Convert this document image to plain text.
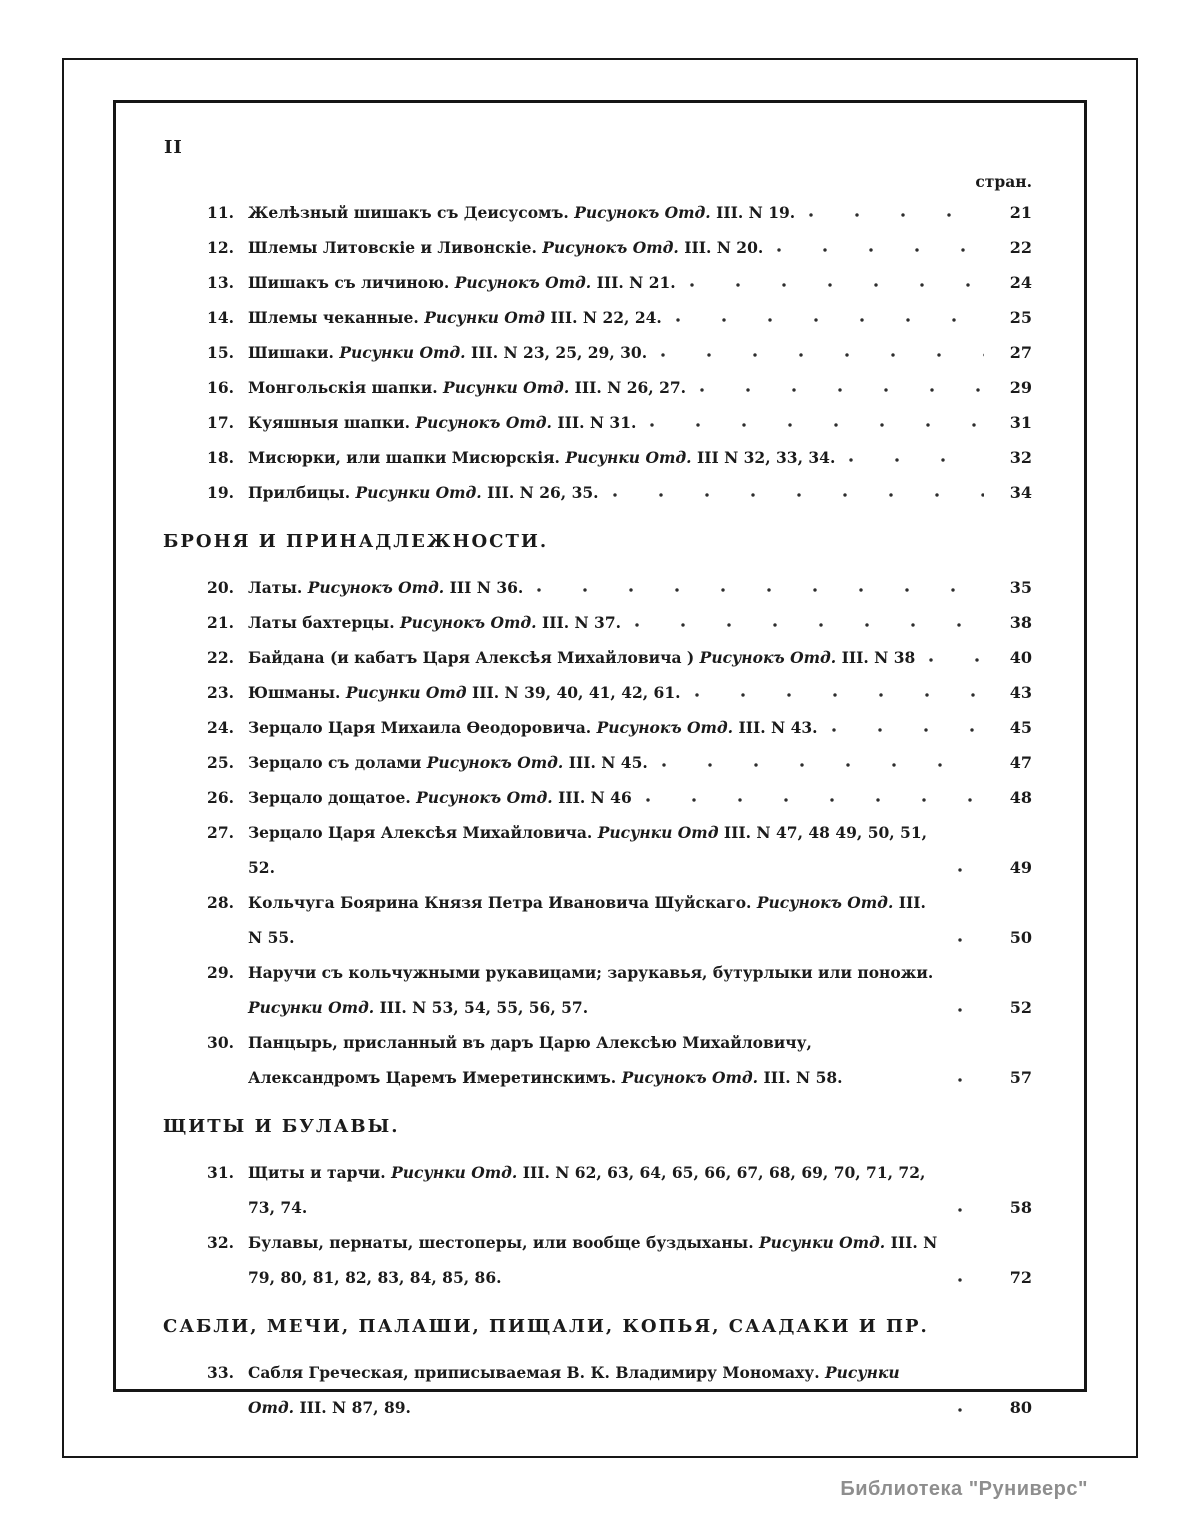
II
стран.
11. Желѣзный шишакъ съ Деисусомъ. Рисунокъ Отд. III. N 19.	21
12. Шлемы Литовскіе и Ливонскіе. Рисунокъ Отд. III. N 20.	22
13. Шишакъ съ личиною. Рисунокъ Отд. III. N 21.	24
14. Шлемы чеканные. Рисунки Отд III. N 22, 24.	25
15. Шишаки. Рисунки Отд. III. N 23, 25, 29, 30.	27
16. Монгольскія шапки. Рисунки Отд. III. N 26, 27.	29
17. Куяшныя шапки. Рисунокъ Отд. III. N 31.	31
18. Мисюрки, или шапки Мисюрскія. Рисунки Отд. III N 32, 33, 34.	32
19. Прилбицы. Рисунки Отд. III. N 26, 35.	34
БРОНЯ И ПРИНАДЛЕЖНОСТИ.
20. Латы. Рисунокъ Отд. III N 36.	35
21. Латы бахтерцы. Рисунокъ Отд. III. N 37.	38
22. Байдана (и кабатъ Царя Алексѣя Михайловича ) Рисунокъ Отд. III. N 38	40
23. Юшманы. Рисунки Отд III. N 39, 40, 41, 42, 61.	43
24. Зерцало Царя Михаила Ѳеодоровича. Рисунокъ Отд. III. N 43.	45
25. Зерцало съ долами Рисунокъ Отд. III. N 45.	47
26. Зерцало дощатое. Рисунокъ Отд. III. N 46	48
27. Зерцало Царя Алексѣя Михайловича. Рисунки Отд III. N 47, 48 49, 50, 51, 52.	49
28. Кольчуга Боярина Князя Петра Ивановича Шуйскаго. Рисунокъ Отд. III. N 55.	50
29. Наручи съ кольчужными рукавицами; зарукавья, бутурлыки или поножи. Рисунки Отд. III. N 53, 54, 55, 56, 57.	52
30. Панцырь, присланный въ даръ Царю Алексѣю Михайловичу, Александромъ Царемъ Имеретинскимъ. Рисунокъ Отд. III. N 58.	57
ЩИТЫ И БУЛАВЫ.
31. Щиты и тарчи. Рисунки Отд. III. N 62, 63, 64, 65, 66, 67, 68, 69, 70, 71, 72, 73, 74.	58
32. Булавы, пернаты, шестоперы, или вообще буздыханы. Рисунки Отд. III. N 79, 80, 81, 82, 83, 84, 85, 86.	72
САБЛИ, МЕЧИ, ПАЛАШИ, ПИЩАЛИ, КОПЬЯ, СААДАКИ И ПР.
33. Сабля Греческая, приписываемая В. К. Владимиру Мономаху. Рисунки Отд. III. N 87, 89.	80
Библиотека "Руниверс"
